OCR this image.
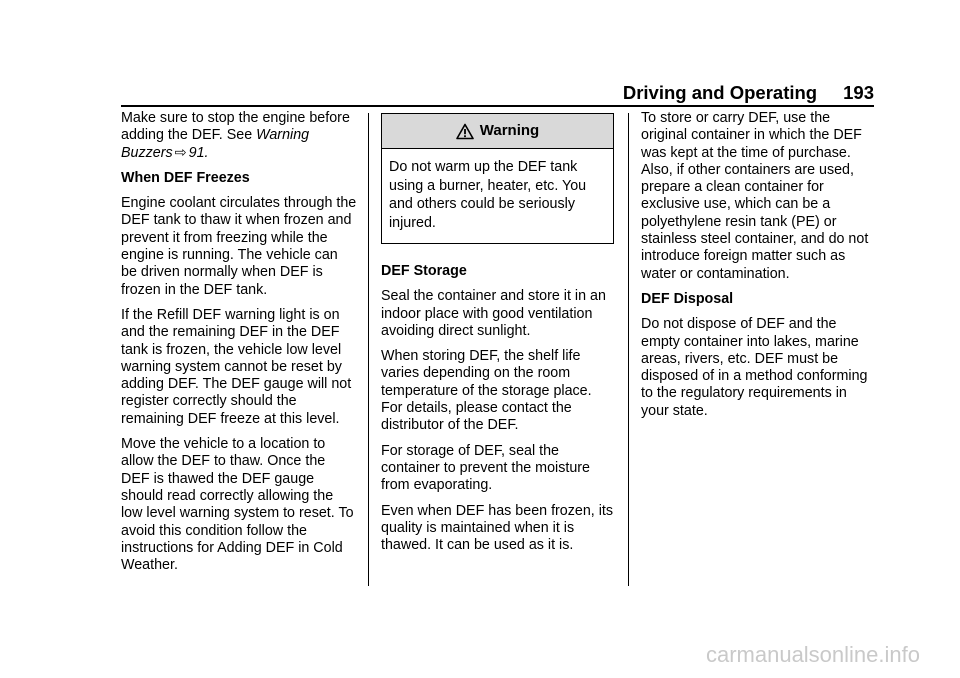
Driving and Operating 193

Make sure to stop the engine before adding the DEF. See Warning Buzzers ⇨ 91.

When DEF Freezes

Engine coolant circulates through the DEF tank to thaw it when frozen and prevent it from freezing while the engine is running. The vehicle can be driven normally when DEF is frozen in the DEF tank.

If the Refill DEF warning light is on and the remaining DEF in the DEF tank is frozen, the vehicle low level warning system cannot be reset by adding DEF. The DEF gauge will not register correctly should the remaining DEF freeze at this level.

Move the vehicle to a location to allow the DEF to thaw. Once the DEF is thawed the DEF gauge should read correctly allowing the low level warning system to reset. To avoid this condition follow the instructions for Adding DEF in Cold Weather.

Warning
Do not warm up the DEF tank using a burner, heater, etc. You and others could be seriously injured.

DEF Storage

Seal the container and store it in an indoor place with good ventilation avoiding direct sunlight.

When storing DEF, the shelf life varies depending on the room temperature of the storage place. For details, please contact the distributor of the DEF.

For storage of DEF, seal the container to prevent the moisture from evaporating.

Even when DEF has been frozen, its quality is maintained when it is thawed. It can be used as it is.

To store or carry DEF, use the original container in which the DEF was kept at the time of purchase. Also, if other containers are used, prepare a clean container for exclusive use, which can be a polyethylene resin tank (PE) or stainless steel container, and do not introduce foreign matter such as water or contamination.

DEF Disposal

Do not dispose of DEF and the empty container into lakes, marine areas, rivers, etc. DEF must be disposed of in a method conforming to the regulatory requirements in your state.

carmanualsonline.info
